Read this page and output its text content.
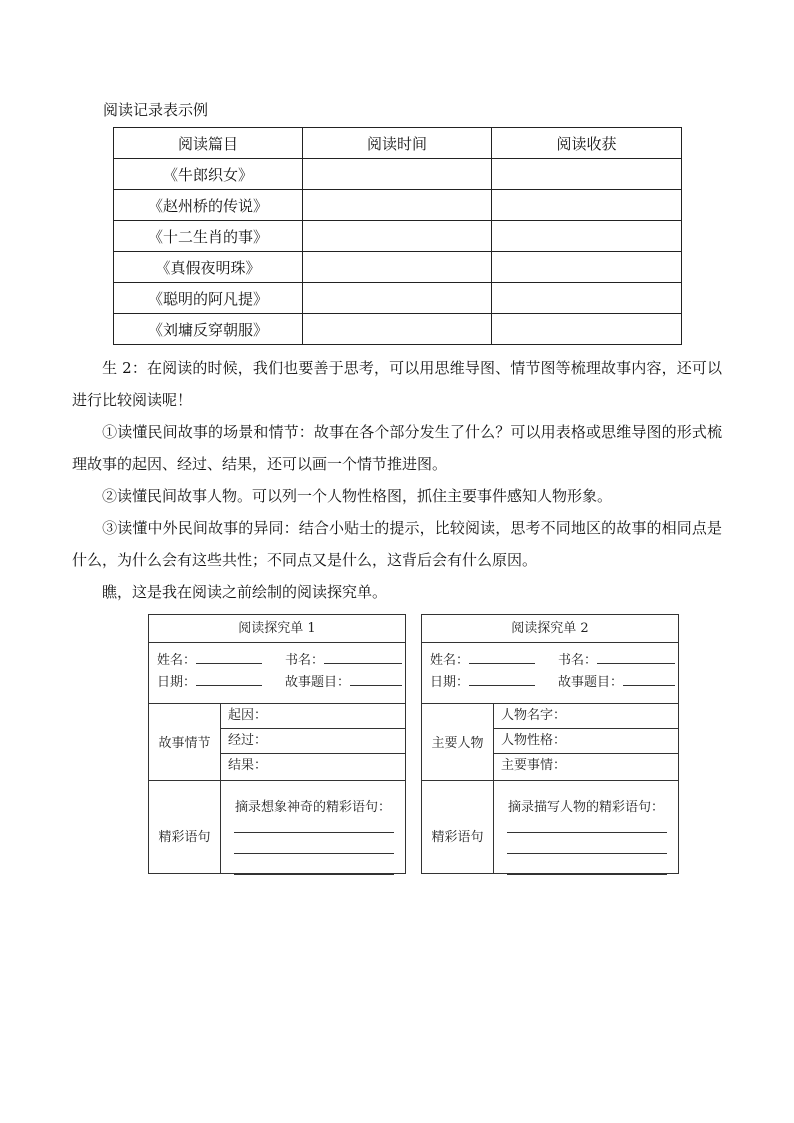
阅读记录表示例
阅读篇目	阅读时间	阅读收获
《牛郎织女》		
《赵州桥的传说》		
《十二生肖的事》		
《真假夜明珠》		
《聪明的阿凡提》		
《刘墉反穿朝服》		

生 2：在阅读的时候，我们也要善于思考，可以用思维导图、情节图等梳理故事内容，还可以进行比较阅读呢！

①读懂民间故事的场景和情节：故事在各个部分发生了什么？可以用表格或思维导图的形式梳理故事的起因、经过、结果，还可以画一个情节推进图。

②读懂民间故事人物。可以列一个人物性格图，抓住主要事件感知人物形象。

③读懂中外民间故事的异同：结合小贴士的提示，比较阅读，思考不同地区的故事的相同点是什么，为什么会有这些共性；不同点又是什么，这背后会有什么原因。

瞧，这是我在阅读之前绘制的阅读探究单。

阅读探究单 1
姓名：	书名：
日期：	故事题目：
故事情节
起因：
经过：
结果：
精彩语句
摘录想象神奇的精彩语句：
阅读探究单 2
姓名：	书名：
日期：	故事题目：
主要人物
人物名字：
人物性格：
主要事情：
精彩语句
摘录描写人物的精彩语句：
